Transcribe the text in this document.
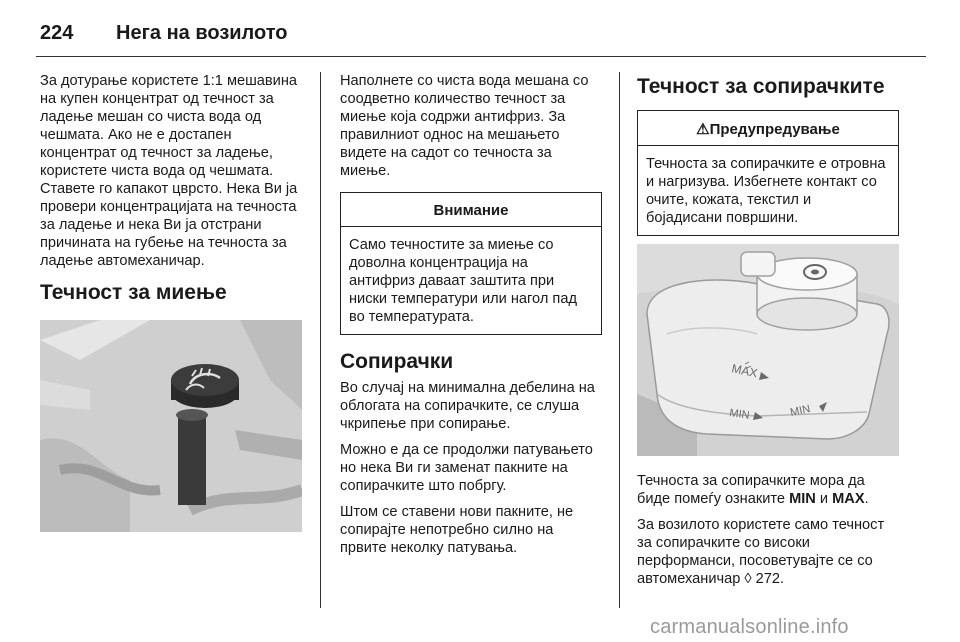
224 Нега на возилото

За дотурање користете 1:1 мешавина на купен концентрат од течност за ладење мешан со чиста вода од чешмата. Ако не е достапен концентрат од течност за ладење, користете чиста вода од чешмата. Ставете го капакот цврсто. Нека Ви ја провери концентрацијата на течноста за ладење и нека Ви ја отстрани причината на губење на течноста за ладење автомеханичар.

Течност за миење

Наполнете со чиста вода мешана со соодветно количество течност за миење која содржи антифриз. За правилниот однос на мешањето видете на садот со течноста за миење.

Внимание
Само течностите за миење со доволна концентрација на антифриз даваат заштита при ниски температури или нагол пад во температурата.
Сопирачки

Во случај на минимална дебелина на облогата на сопирачките, се слуша чкрипење при сопирање.

Можно е да се продолжи патувањето но нека Ви ги заменат пакните на сопирачките што побргу.

Штом се ставени нови пакните, не сопирајте непотребно силно на првите неколку патувања.

Течност за сопирачките
⚠Предупредување
Течноста за сопирачките е отровна и нагризува. Избегнете контакт со очите, кожата, текстил и бојадисани површини.
MAX
MIN	MIN

Течноста за сопирачките мора да биде помеѓу ознаките MIN и MAX.

За возилото користете само течност за сопирачките со високи перформанси, посоветувајте се со автомеханичар ◊ 272.

carmanualsonline.info
